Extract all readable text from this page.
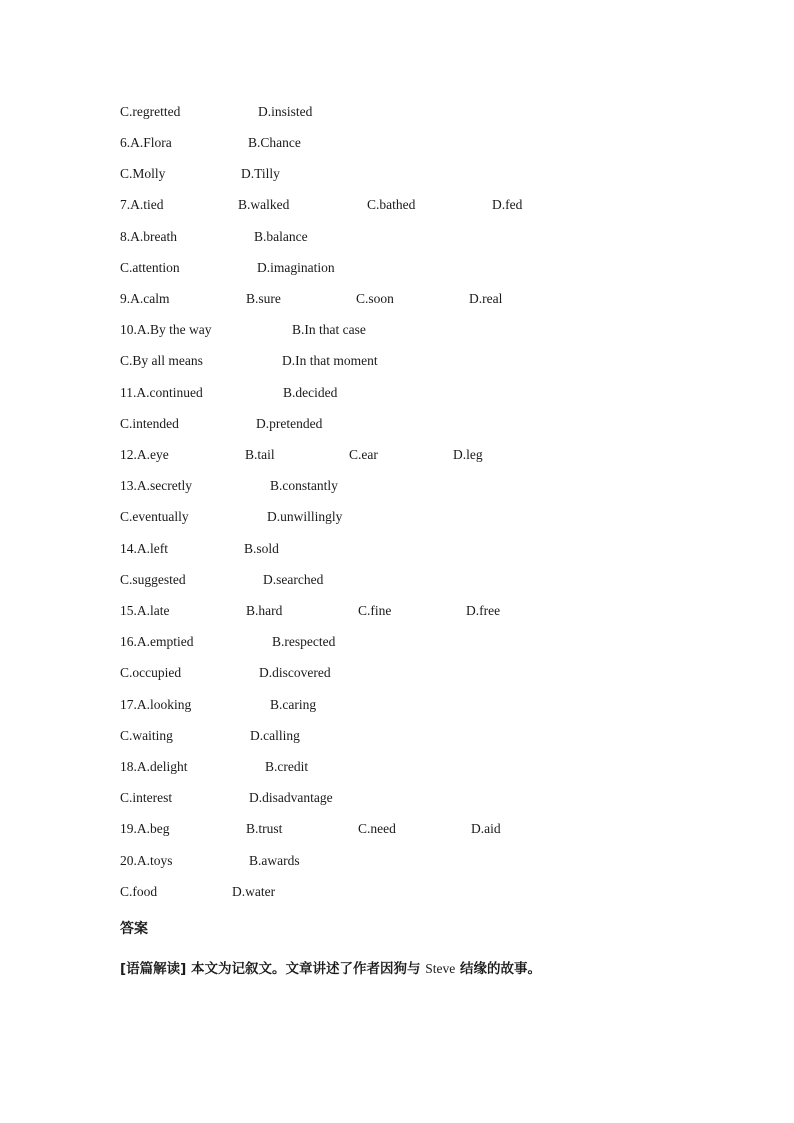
C.regretted	D.insisted
6.A.Flora	B.Chance
C.Molly	D.Tilly
7.A.tied	B.walked	C.bathed	D.fed
8.A.breath	B.balance
C.attention	D.imagination
9.A.calm	B.sure	C.soon	D.real
10.A.By the way	B.In that case
C.By all means	D.In that moment
11.A.continued	B.decided
C.intended	D.pretended
12.A.eye	B.tail	C.ear	D.leg
13.A.secretly	B.constantly
C.eventually	D.unwillingly
14.A.left	B.sold
C.suggested	D.searched
15.A.late	B.hard	C.fine	D.free
16.A.emptied	B.respected
C.occupied	D.discovered
17.A.looking	B.caring
C.waiting	D.calling
18.A.delight	B.credit
C.interest	D.disadvantage
19.A.beg	B.trust	C.need	D.aid
20.A.toys	B.awards
C.food	D.water
答案
[语篇解读] 本文为记叙文。文章讲述了作者因狗与 Steve 结缘的故事。
